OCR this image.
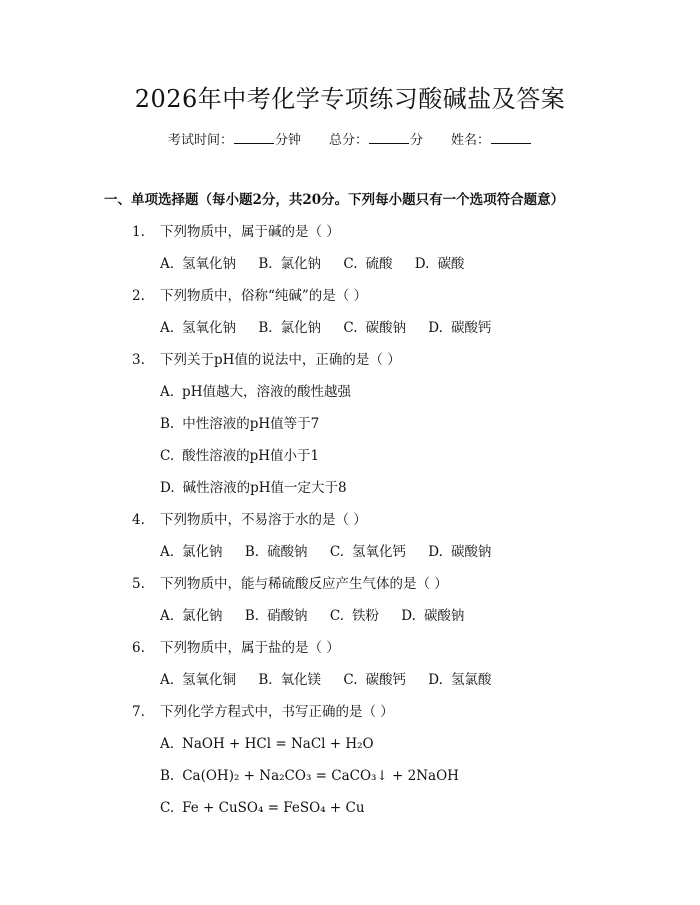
2026年中考化学专项练习酸碱盐及答案
考试时间：	分钟 总分：	分 姓名：
一、单项选择题（每小题2分，共20分。下列每小题只有一个选项符合题意）
1. 下列物质中，属于碱的是（ ）
A. 氢氧化钠 B. 氯化钠 C. 硫酸 D. 碳酸
2. 下列物质中，俗称“纯碱”的是（ ）
A. 氢氧化钠 B. 氯化钠 C. 碳酸钠 D. 碳酸钙
3. 下列关于pH值的说法中，正确的是（ ）
A. pH值越大，溶液的酸性越强
B. 中性溶液的pH值等于7
C. 酸性溶液的pH值小于1
D. 碱性溶液的pH值一定大于8
4. 下列物质中，不易溶于水的是（ ）
A. 氯化钠 B. 硫酸钠 C. 氢氧化钙 D. 碳酸钠
5. 下列物质中，能与稀硫酸反应产生气体的是（ ）
A. 氯化钠 B. 硝酸钠 C. 铁粉 D. 碳酸钠
6. 下列物质中，属于盐的是（ ）
A. 氢氧化铜 B. 氧化镁 C. 碳酸钙 D. 氢氯酸
7. 下列化学方程式中，书写正确的是（ ）
A. NaOH + HCl = NaCl + H₂O
B. Ca(OH)₂ + Na₂CO₃ = CaCO₃↓ + 2NaOH
C. Fe + CuSO₄ = FeSO₄ + Cu
